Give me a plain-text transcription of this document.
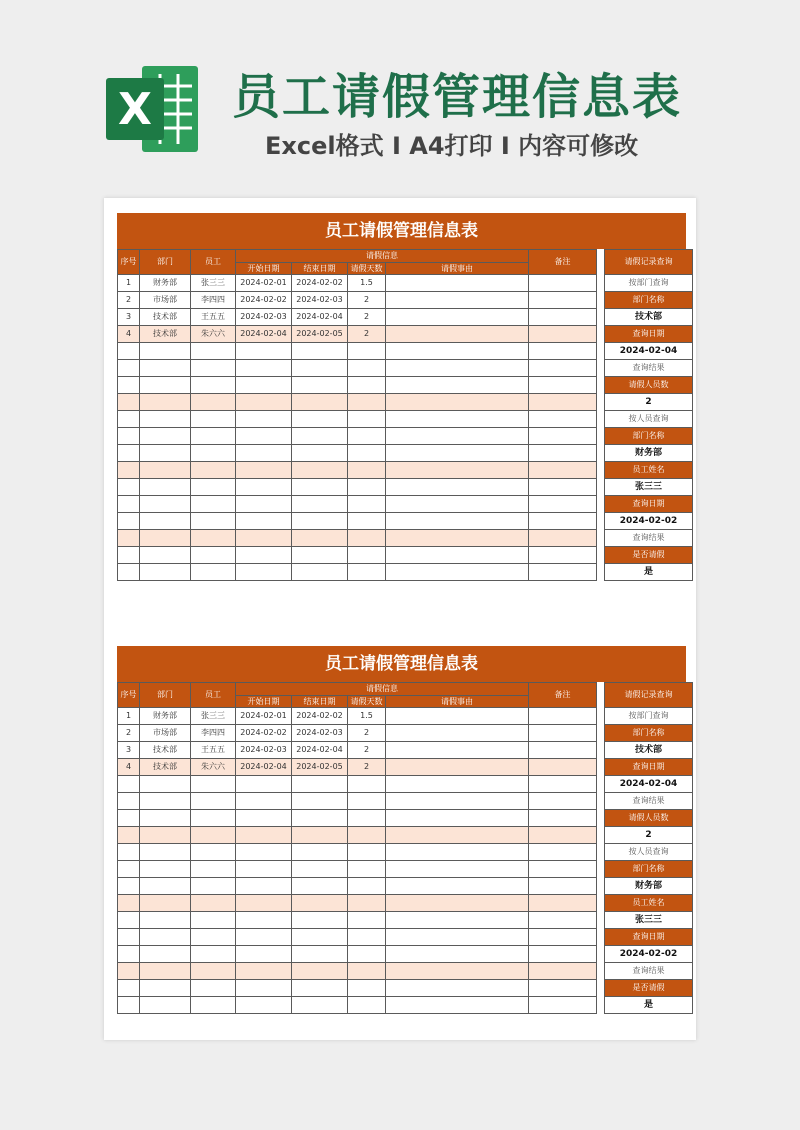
X 员工请假管理信息表
Excel格式 I A4打印 I 内容可修改
员工请假管理信息表
序号	部门	员工	请假信息	备注		请假记录查询
开始日期	结束日期	请假天数	请假事由
1	财务部	张三三	2024-02-01	2024-02-02	1.5				按部门查询
2	市场部	李四四	2024-02-02	2024-02-03	2				部门名称
3	技术部	王五五	2024-02-03	2024-02-04	2				技术部
4	技术部	朱六六	2024-02-04	2024-02-05	2				查询日期
									2024-02-04
									查询结果
									请假人员数
									2
									按人员查询
									部门名称
									财务部
									员工姓名
									张三三
									查询日期
									2024-02-02
									查询结果
									是否请假
									是
员工请假管理信息表
序号	部门	员工	请假信息	备注		请假记录查询
开始日期	结束日期	请假天数	请假事由
1	财务部	张三三	2024-02-01	2024-02-02	1.5				按部门查询
2	市场部	李四四	2024-02-02	2024-02-03	2				部门名称
3	技术部	王五五	2024-02-03	2024-02-04	2				技术部
4	技术部	朱六六	2024-02-04	2024-02-05	2				查询日期
									2024-02-04
									查询结果
									请假人员数
									2
									按人员查询
									部门名称
									财务部
									员工姓名
									张三三
									查询日期
									2024-02-02
									查询结果
									是否请假
									是
